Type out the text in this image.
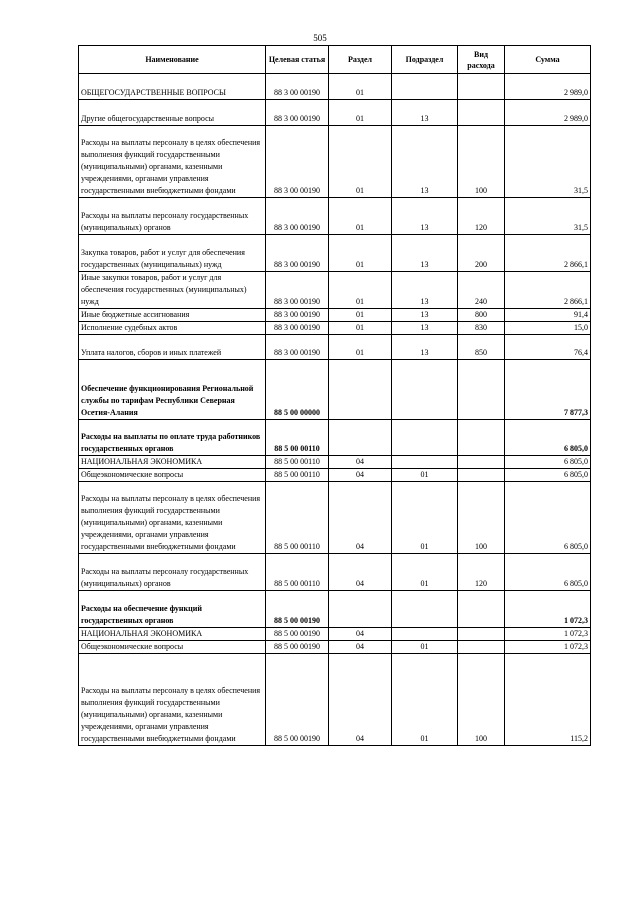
505
Наименование	Целевая статья	Раздел	Подраздел	Вид расхода	Сумма
ОБЩЕГОСУДАРСТВЕННЫЕ ВОПРОСЫ	88 3 00 00190	01			2 989,0
Другие общегосударственные вопросы	88 3 00 00190	01	13		2 989,0
Расходы на выплаты персоналу в целях обеспечения выполнения функций государственными (муниципальными) органами, казенными учреждениями, органами управления государственными внебюджетными фондами	88 3 00 00190	01	13	100	31,5
Расходы на выплаты персоналу государственных (муниципальных) органов	88 3 00 00190	01	13	120	31,5
Закупка товаров, работ и услуг для обеспечения государственных (муниципальных) нужд	88 3 00 00190	01	13	200	2 866,1
Иные закупки товаров, работ и услуг для обеспечения государственных (муниципальных) нужд	88 3 00 00190	01	13	240	2 866,1
Иные бюджетные ассигнования	88 3 00 00190	01	13	800	91,4
Исполнение судебных актов	88 3 00 00190	01	13	830	15,0
Уплата налогов, сборов и иных платежей	88 3 00 00190	01	13	850	76,4
Обеспечение функционирования Региональной службы по тарифам Республики Северная Осетия-Алания	88 5 00 00000				7 877,3
Расходы на выплаты по оплате труда работников государственных органов	88 5 00 00110				6 805,0
НАЦИОНАЛЬНАЯ ЭКОНОМИКА	88 5 00 00110	04			6 805,0
Общеэкономические вопросы	88 5 00 00110	04	01		6 805,0
Расходы на выплаты персоналу в целях обеспечения выполнения функций государственными (муниципальными) органами, казенными учреждениями, органами управления государственными внебюджетными фондами	88 5 00 00110	04	01	100	6 805,0
Расходы на выплаты персоналу государственных (муниципальных) органов	88 5 00 00110	04	01	120	6 805,0
Расходы на обеспечение функций государственных органов	88 5 00 00190				1 072,3
НАЦИОНАЛЬНАЯ ЭКОНОМИКА	88 5 00 00190	04			1 072,3
Общеэкономические вопросы	88 5 00 00190	04	01		1 072,3
Расходы на выплаты персоналу в целях обеспечения выполнения функций государственными (муниципальными) органами, казенными учреждениями, органами управления государственными внебюджетными фондами	88 5 00 00190	04	01	100	115,2
